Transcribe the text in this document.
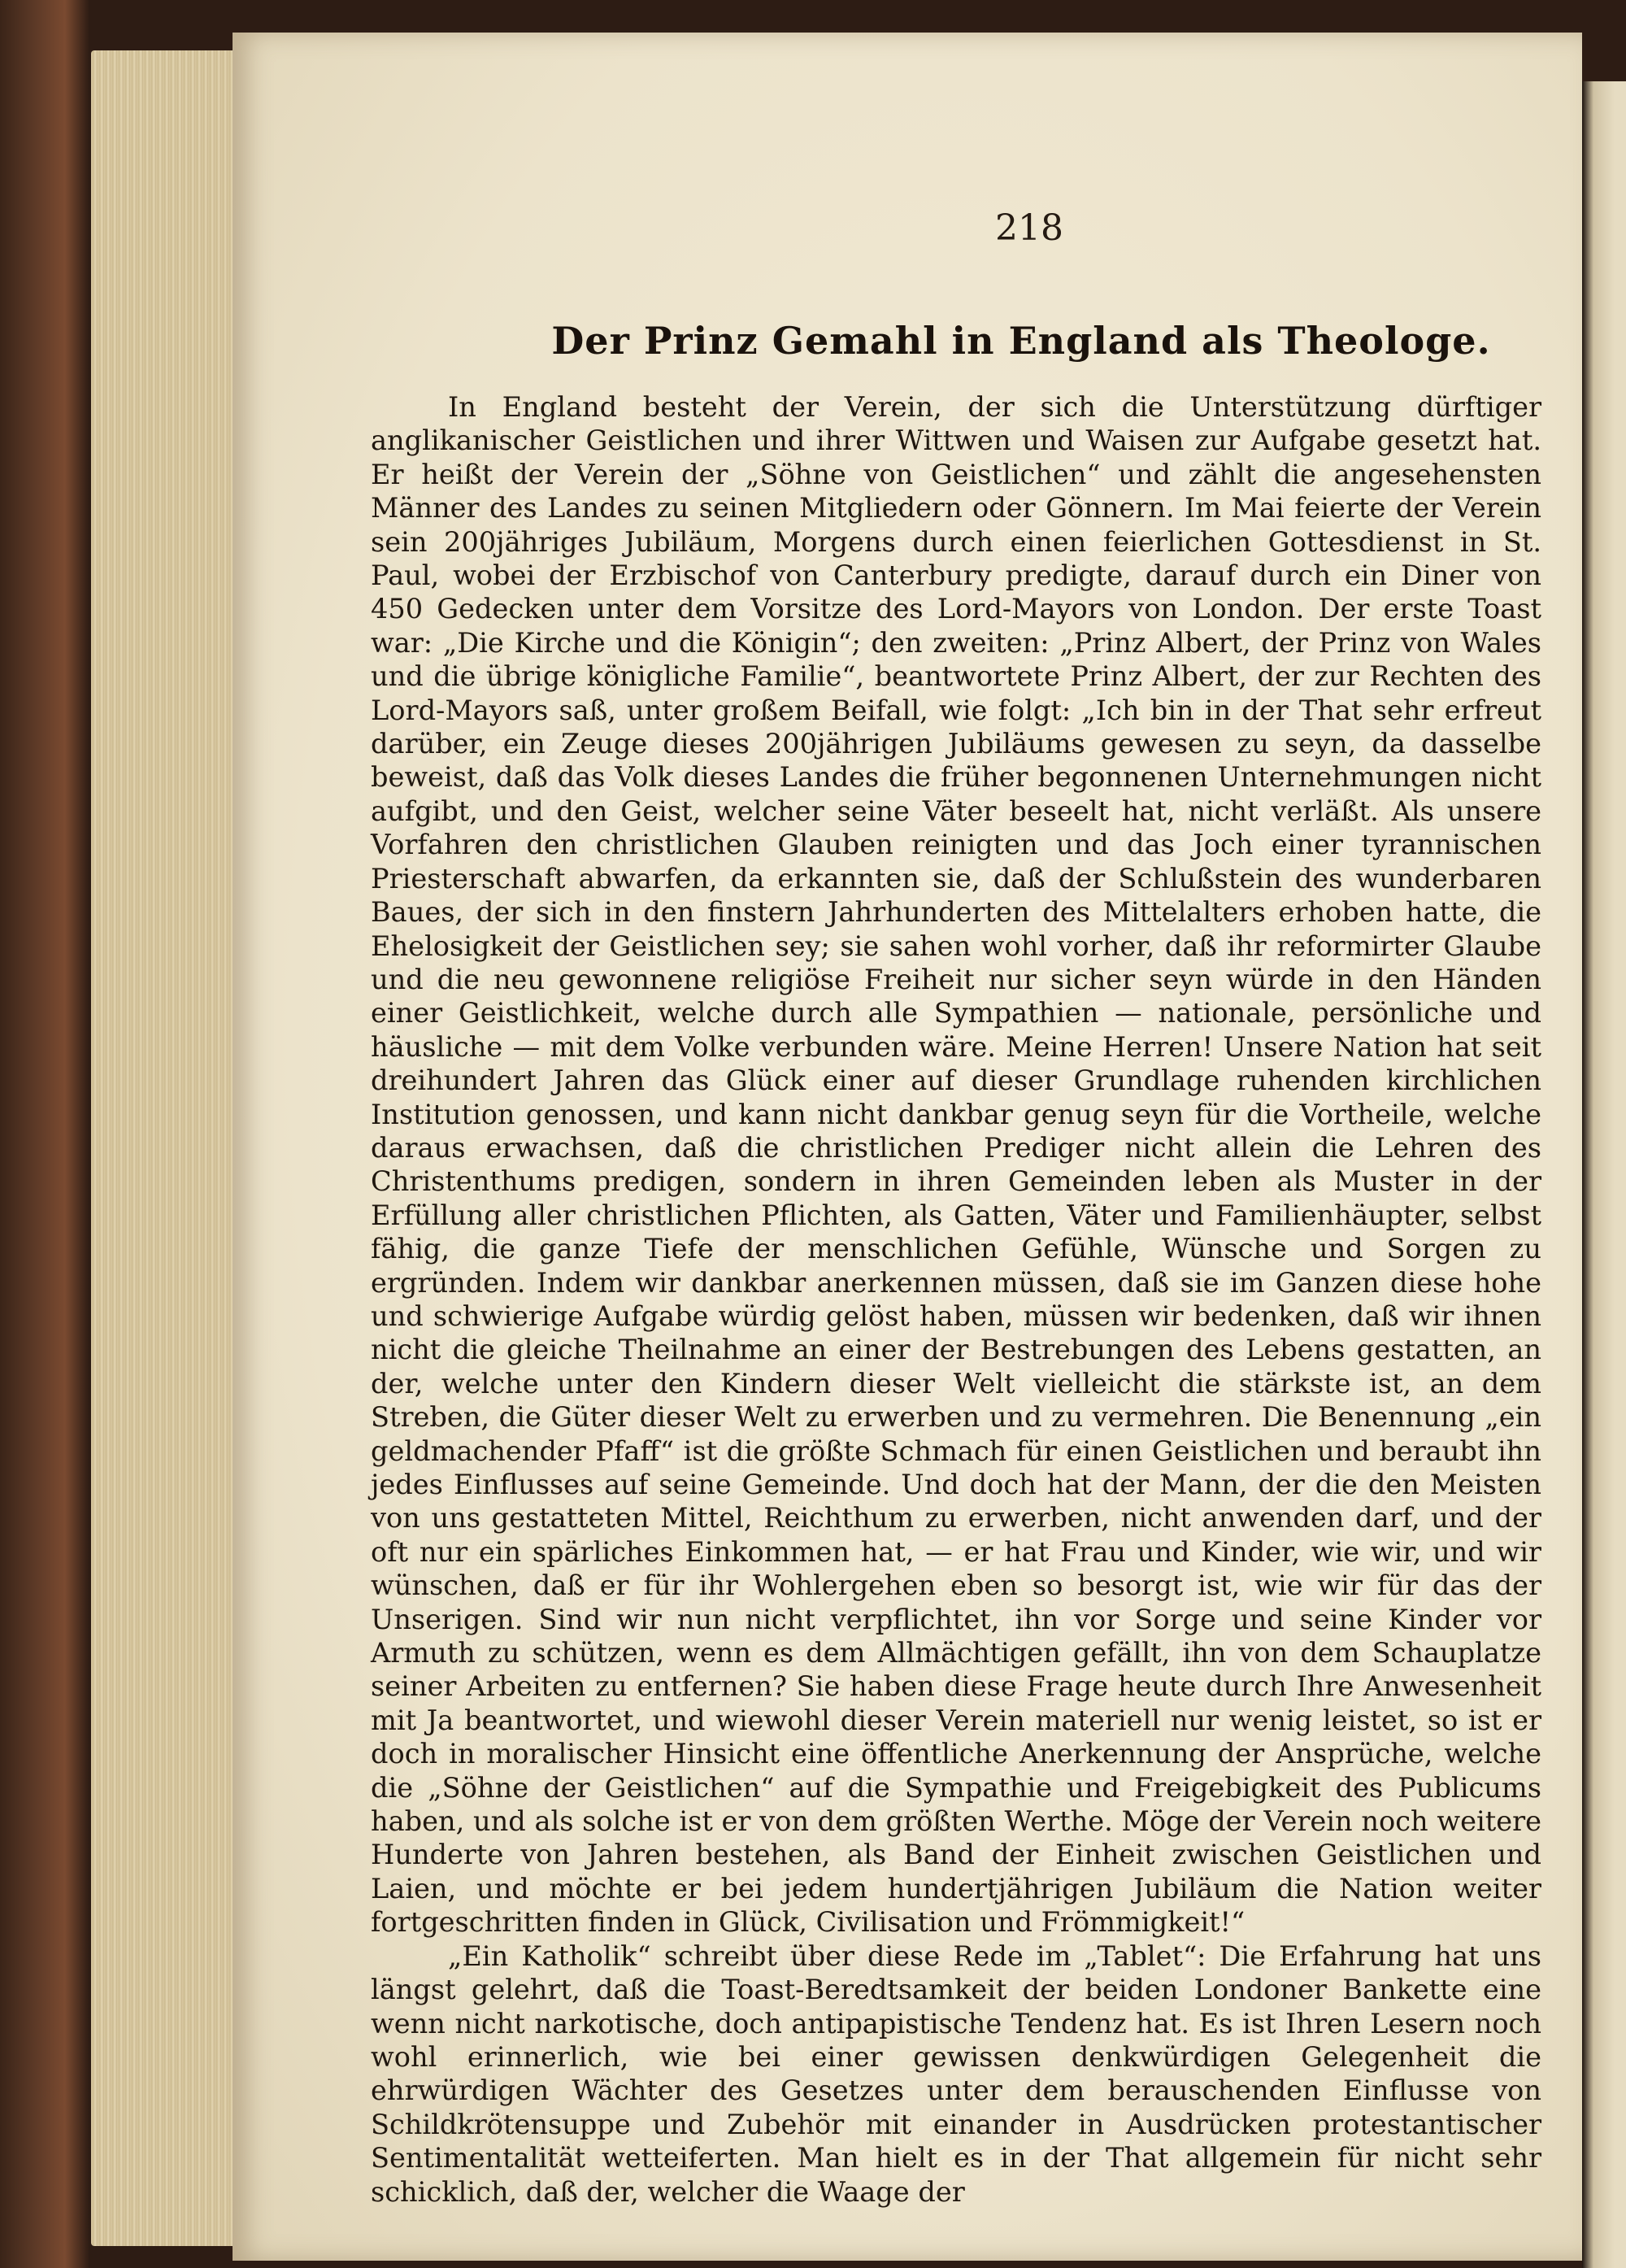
218
Der Prinz Gemahl in England als Theologe.

In England besteht der Verein, der sich die Unterstützung dürftiger anglikanischer Geistlichen und ihrer Wittwen und Waisen zur Aufgabe gesetzt hat. Er heißt der Verein der „Söhne von Geistlichen“ und zählt die angesehensten Männer des Landes zu seinen Mitgliedern oder Gönnern. Im Mai feierte der Verein sein 200jähriges Jubiläum, Morgens durch einen feierlichen Gottesdienst in St. Paul, wobei der Erzbischof von Canterbury predigte, darauf durch ein Diner von 450 Gedecken unter dem Vorsitze des Lord-Mayors von London. Der erste Toast war: „Die Kirche und die Königin“; den zweiten: „Prinz Albert, der Prinz von Wales und die übrige königliche Familie“, beantwortete Prinz Albert, der zur Rechten des Lord-Mayors saß, unter großem Beifall, wie folgt: „Ich bin in der That sehr erfreut darüber, ein Zeuge dieses 200jährigen Jubiläums gewesen zu seyn, da dasselbe beweist, daß das Volk dieses Landes die früher begonnenen Unternehmungen nicht aufgibt, und den Geist, welcher seine Väter beseelt hat, nicht verläßt. Als unsere Vorfahren den christlichen Glauben reinigten und das Joch einer tyrannischen Priesterschaft abwarfen, da erkannten sie, daß der Schlußstein des wunderbaren Baues, der sich in den finstern Jahrhunderten des Mittelalters erhoben hatte, die Ehelosigkeit der Geistlichen sey; sie sahen wohl vorher, daß ihr reformirter Glaube und die neu gewonnene religiöse Freiheit nur sicher seyn würde in den Händen einer Geistlichkeit, welche durch alle Sympathien — nationale, persönliche und häusliche — mit dem Volke verbunden wäre. Meine Herren! Unsere Nation hat seit dreihundert Jahren das Glück einer auf dieser Grundlage ruhenden kirchlichen Institution genossen, und kann nicht dankbar genug seyn für die Vortheile, welche daraus erwachsen, daß die christlichen Prediger nicht allein die Lehren des Christenthums predigen, sondern in ihren Gemeinden leben als Muster in der Erfüllung aller christlichen Pflichten, als Gatten, Väter und Familienhäupter, selbst fähig, die ganze Tiefe der menschlichen Gefühle, Wünsche und Sorgen zu ergründen. Indem wir dankbar anerkennen müssen, daß sie im Ganzen diese hohe und schwierige Aufgabe würdig gelöst haben, müssen wir bedenken, daß wir ihnen nicht die gleiche Theilnahme an einer der Bestrebungen des Lebens gestatten, an der, welche unter den Kindern dieser Welt vielleicht die stärkste ist, an dem Streben, die Güter dieser Welt zu erwerben und zu vermehren. Die Benennung „ein geldmachender Pfaff“ ist die größte Schmach für einen Geistlichen und beraubt ihn jedes Einflusses auf seine Gemeinde. Und doch hat der Mann, der die den Meisten von uns gestatteten Mittel, Reichthum zu erwerben, nicht anwenden darf, und der oft nur ein spärliches Einkommen hat, — er hat Frau und Kinder, wie wir, und wir wünschen, daß er für ihr Wohlergehen eben so besorgt ist, wie wir für das der Unserigen. Sind wir nun nicht verpflichtet, ihn vor Sorge und seine Kinder vor Armuth zu schützen, wenn es dem Allmächtigen gefällt, ihn von dem Schauplatze seiner Arbeiten zu entfernen? Sie haben diese Frage heute durch Ihre Anwesenheit mit Ja beantwortet, und wiewohl dieser Verein materiell nur wenig leistet, so ist er doch in moralischer Hinsicht eine öffentliche Anerkennung der Ansprüche, welche die „Söhne der Geistlichen“ auf die Sympathie und Freigebigkeit des Publicums haben, und als solche ist er von dem größten Werthe. Möge der Verein noch weitere Hunderte von Jahren bestehen, als Band der Einheit zwischen Geistlichen und Laien, und möchte er bei jedem hundertjährigen Jubiläum die Nation weiter fortgeschritten finden in Glück, Civilisation und Frömmigkeit!“

„Ein Katholik“ schreibt über diese Rede im „Tablet“: Die Erfahrung hat uns längst gelehrt, daß die Toast-Beredtsamkeit der beiden Londoner Bankette eine wenn nicht narkotische, doch antipapistische Tendenz hat. Es ist Ihren Lesern noch wohl erinnerlich, wie bei einer gewissen denkwürdigen Gelegenheit die ehrwürdigen Wächter des Gesetzes unter dem berauschenden Einflusse von Schildkrötensuppe und Zubehör mit einander in Ausdrücken protestantischer Sentimentalität wetteiferten. Man hielt es in der That allgemein für nicht sehr schicklich, daß der, welcher die Waage der
